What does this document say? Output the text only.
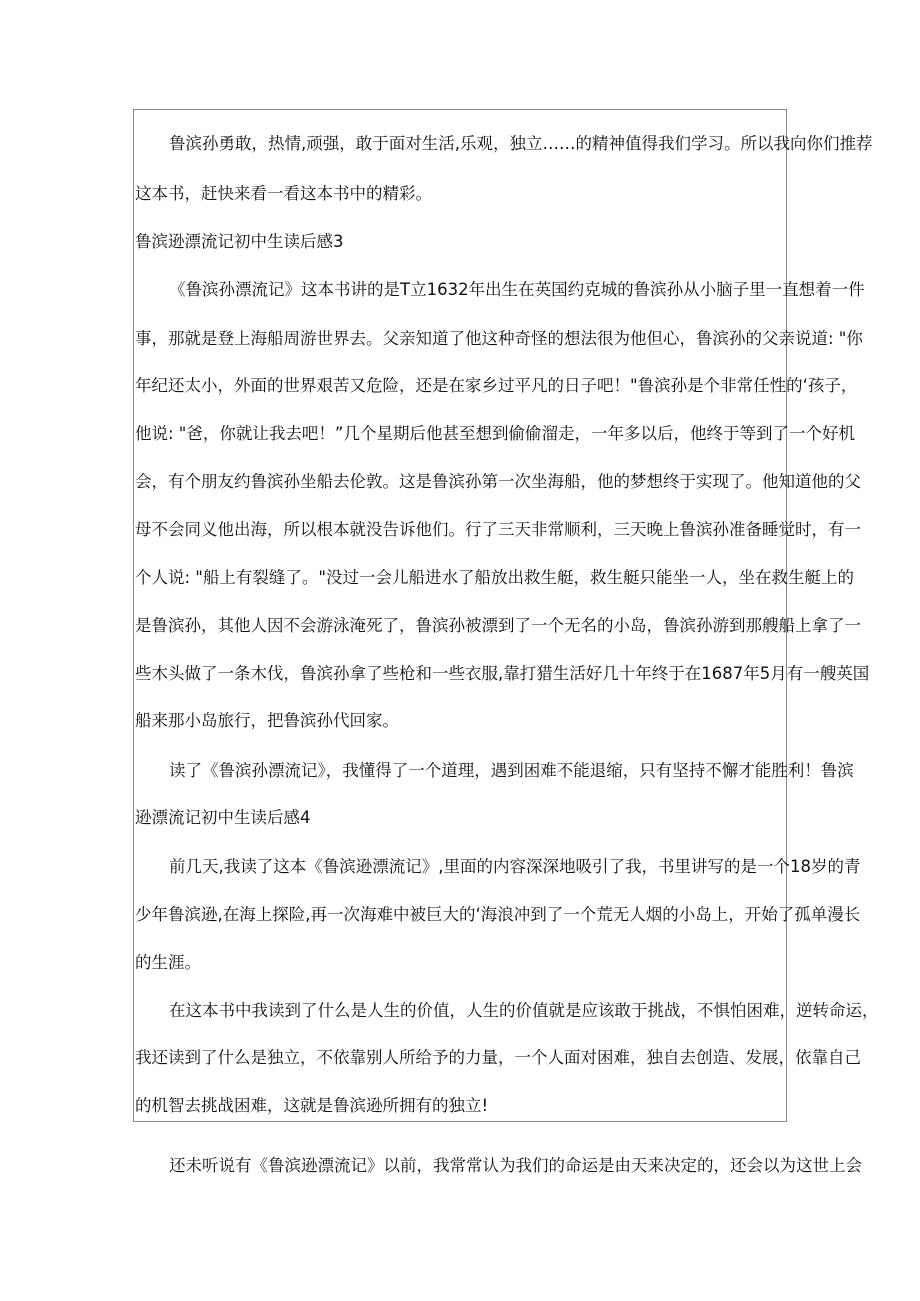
鲁滨孙勇敢，热情,顽强，敢于面对生活,乐观，独立……的精神值得我们学习。所以我向你们推荐
这本书，赶快来看一看这本书中的精彩。
鲁滨逊漂流记初中生读后感3
《鲁滨孙漂流记》这本书讲的是T立1632年出生在英国约克城的鲁滨孙从小脑子里一直想着一件
事，那就是登上海船周游世界去。父亲知道了他这种奇怪的想法很为他但心，鲁滨孙的父亲说道: "你
年纪还太小，外面的世界艰苦又危险，还是在家乡过平凡的日子吧！"鲁滨孙是个非常任性的‘孩子，
他说: "爸，你就让我去吧！”几个星期后他甚至想到偷偷溜走，一年多以后，他终于等到了一个好机
会，有个朋友约鲁滨孙坐船去伦敦。这是鲁滨孙第一次坐海船，他的梦想终于实现了。他知道他的父
母不会同义他出海，所以根本就没告诉他们。行了三天非常顺利，三天晚上鲁滨孙准备睡觉时，有一
个人说: "船上有裂缝了。"没过一会儿船进水了船放出救生艇，救生艇只能坐一人，坐在救生艇上的
是鲁滨孙，其他人因不会游泳淹死了，鲁滨孙被漂到了一个无名的小岛，鲁滨孙游到那艘船上拿了一
些木头做了一条木伐，鲁滨孙拿了些枪和一些衣服,靠打猎生活好几十年终于在1687年5月有一艘英国
船来那小岛旅行，把鲁滨孙代回家。
读了《鲁滨孙漂流记》，我懂得了一个道理，遇到困难不能退缩，只有坚持不懈才能胜利！鲁滨
逊漂流记初中生读后感4
前几天,我读了这本《鲁滨逊漂流记》,里面的内容深深地吸引了我，书里讲写的是一个18岁的青
少年鲁滨逊,在海上探险,再一次海难中被巨大的‘海浪冲到了一个荒无人烟的小岛上，开始了孤单漫长
的生涯。
在这本书中我读到了什么是人生的价值，人生的价值就是应该敢于挑战，不惧怕困难，逆转命运，
我还读到了什么是独立，不依靠别人所给予的力量，一个人面对困难，独自去创造、发展，依靠自己
的机智去挑战困难，这就是鲁滨逊所拥有的独立!
还未听说有《鲁滨逊漂流记》以前，我常常认为我们的命运是由天来决定的，还会以为这世上会
